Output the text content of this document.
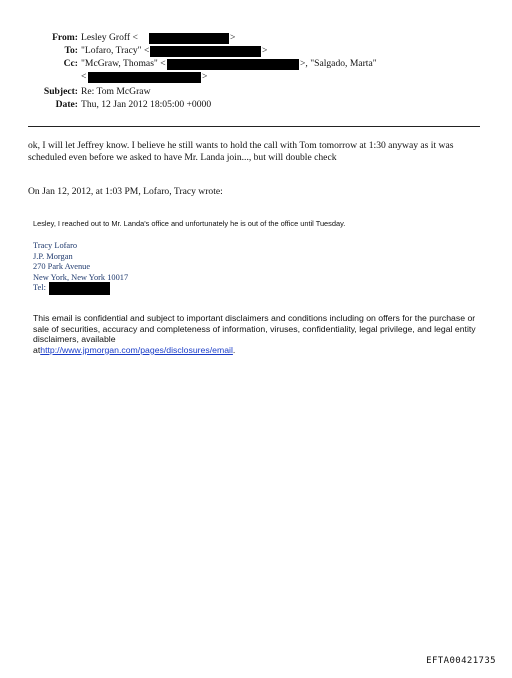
From: Lesley Groff <	>
To: "Lofaro, Tracy" <	>
Cc: "McGraw, Thomas" <	>, "Salgado, Marta"
<	>
Subject: Re: Tom McGraw
Date: Thu, 12 Jan 2012 18:05:00 +0000
ok, I will let Jeffrey know. I believe he still wants to hold the call with Tom tomorrow at 1:30 anyway as it was scheduled even before we asked to have Mr. Landa join..., but will double check
On Jan 12, 2012, at 1:03 PM, Lofaro, Tracy wrote:
Lesley, I reached out to Mr. Landa's office and unfortunately he is out of the office until Tuesday.
Tracy Lofaro
J.P. Morgan
270 Park Avenue
New York, New York 10017
Tel:
This email is confidential and subject to important disclaimers and conditions including on offers for the purchase or sale of securities, accuracy and completeness of information, viruses, confidentiality, legal privilege, and legal entity disclaimers, available
athttp://www.jpmorgan.com/pages/disclosures/email.
EFTA00421735
